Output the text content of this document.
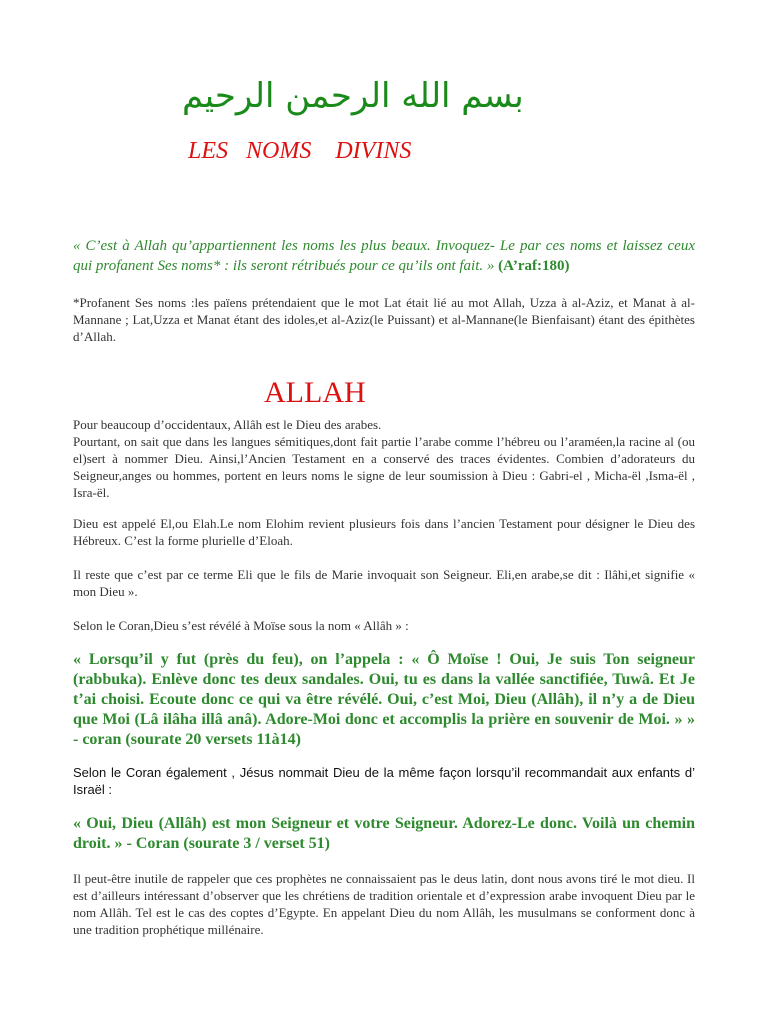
بسم الله الرحمن الرحيم
LES   NOMS    DIVINS
« C’est à Allah qu’appartiennent les noms les plus beaux. Invoquez- Le par ces noms et laissez ceux qui profanent Ses noms* : ils seront rétribués pour ce qu’ils ont fait. » (A’raf:180)
*Profanent Ses noms :les païens prétendaient que le mot Lat était lié au mot Allah, Uzza à al-Aziz, et Manat à al-Mannane ; Lat,Uzza et Manat étant des idoles,et al-Aziz(le Puissant) et al-Mannane(le Bienfaisant) étant des épithètes d’Allah.
ALLAH
Pour beaucoup d’occidentaux, Allâh est le Dieu des arabes.
Pourtant, on sait que dans les langues sémitiques,dont fait partie l’arabe comme l’hébreu ou l’araméen,la racine al (ou el)sert à nommer Dieu. Ainsi,l’Ancien Testament en a conservé des traces évidentes. Combien d’adorateurs du Seigneur,anges ou hommes, portent en leurs noms le signe de leur soumission à Dieu : Gabri-el , Micha-ël ,Isma-ël , Isra-ël.
Dieu est appelé El,ou Elah.Le nom Elohim revient plusieurs fois dans l’ancien Testament pour désigner le Dieu des Hébreux. C’est la forme plurielle d’Eloah.
Il reste que c’est par ce terme Eli que le fils de Marie invoquait son Seigneur. Eli,en arabe,se dit : Ilâhi,et signifie « mon Dieu ».
Selon le Coran,Dieu s’est révélé à Moïse sous la nom « Allâh » :
« Lorsqu’il y fut (près du feu), on l’appela : « Ô Moïse ! Oui, Je suis Ton seigneur (rabbuka). Enlève donc tes deux sandales. Oui, tu es dans la vallée sanctifiée, Tuwâ. Et Je t’ai choisi. Ecoute donc ce qui va être révélé. Oui, c’est Moi, Dieu (Allâh), il n’y a de Dieu que Moi (Lâ ilâha illâ anâ). Adore-Moi donc et accomplis la prière en souvenir de Moi. » » - coran (sourate 20 versets 11à14)
Selon le Coran également , Jésus nommait Dieu de la même façon lorsqu’il recommandait aux enfants d’ Israël :
« Oui, Dieu (Allâh) est mon Seigneur et votre Seigneur. Adorez-Le donc. Voilà un chemin droit. » - Coran (sourate 3 / verset 51)
Il peut-être inutile de rappeler que ces prophètes ne connaissaient pas le deus latin, dont nous avons tiré le mot dieu. Il est d’ailleurs intéressant d’observer que les chrétiens de tradition orientale et d’expression arabe invoquent Dieu par le nom Allâh. Tel est le cas des coptes d’Egypte. En appelant Dieu du nom Allâh, les musulmans se conforment donc à une tradition prophétique millénaire.
